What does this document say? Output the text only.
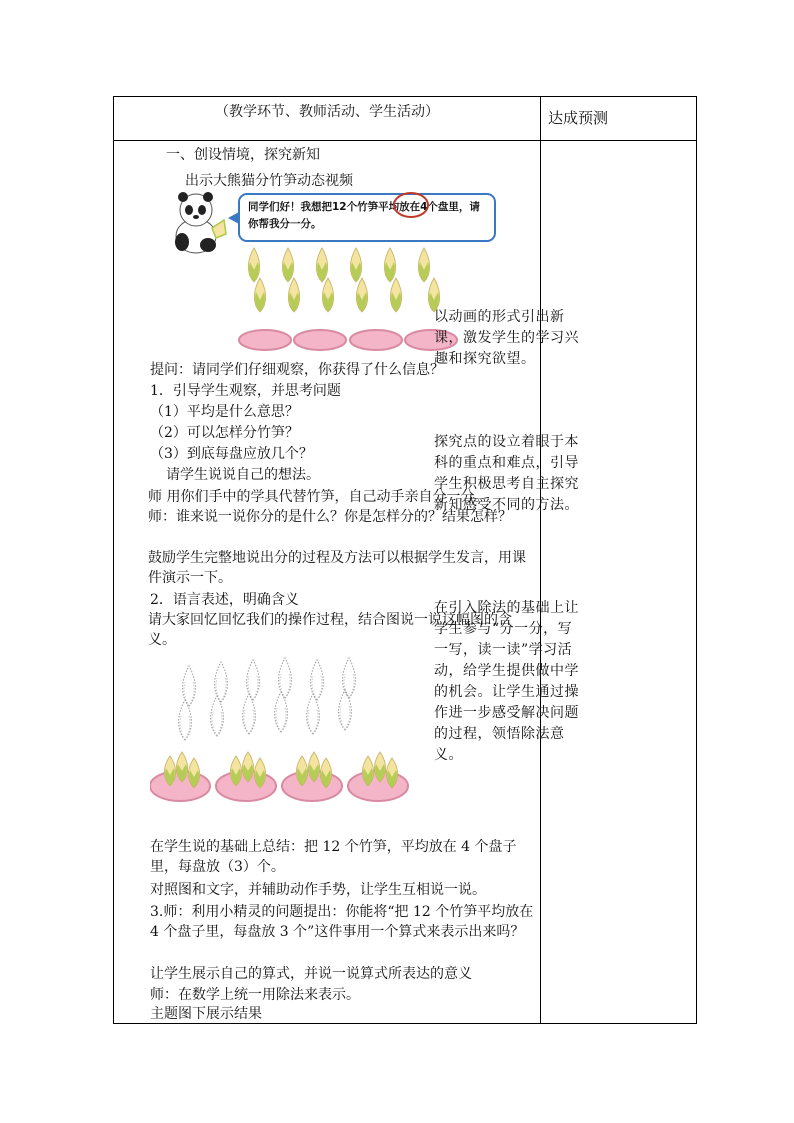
（教学环节、教师活动、学生活动）	达成预测
一、创设情境，探究新知
出示大熊猫分竹笋动态视频
同学们好！我想把12个竹笋平均放在4个盘里，请你帮我分一分。
提问：请同学们仔细观察，你获得了什么信息？
1．引导学生观察，并思考问题
（1）平均是什么意思？
（2）可以怎样分竹笋？
（3）到底每盘应放几个？
请学生说说自己的想法。
师 用你们手中的学具代替竹笋，自己动手亲自分一分。
师：谁来说一说你分的是什么？你是怎样分的？结果怎样？
鼓励学生完整地说出分的过程及方法可以根据学生发言，用课件演示一下。
2．语言表述，明确含义
请大家回忆回忆我们的操作过程，结合图说一说这幅图的含义。
在学生说的基础上总结：把 12 个竹笋，平均放在 4 个盘子里，每盘放（3）个。
对照图和文字，并辅助动作手势，让学生互相说一说。
3.师：利用小精灵的问题提出：你能将“把 12 个竹笋平均放在 4 个盘子里，每盘放 3 个”这件事用一个算式来表示出来吗？
让学生展示自己的算式，并说一说算式所表达的意义
师：在数学上统一用除法来表示。
主题图下展示结果
以动画的形式引出新课，激发学生的学习兴趣和探究欲望。
探究点的设立着眼于本科的重点和难点，引导学生积极思考自主探究新知感受不同的方法。
在引入除法的基础上让学生参与“分一分，写一写，读一读”学习活动，给学生提供做中学的机会。让学生通过操作进一步感受解决问题的过程，领悟除法意义。
